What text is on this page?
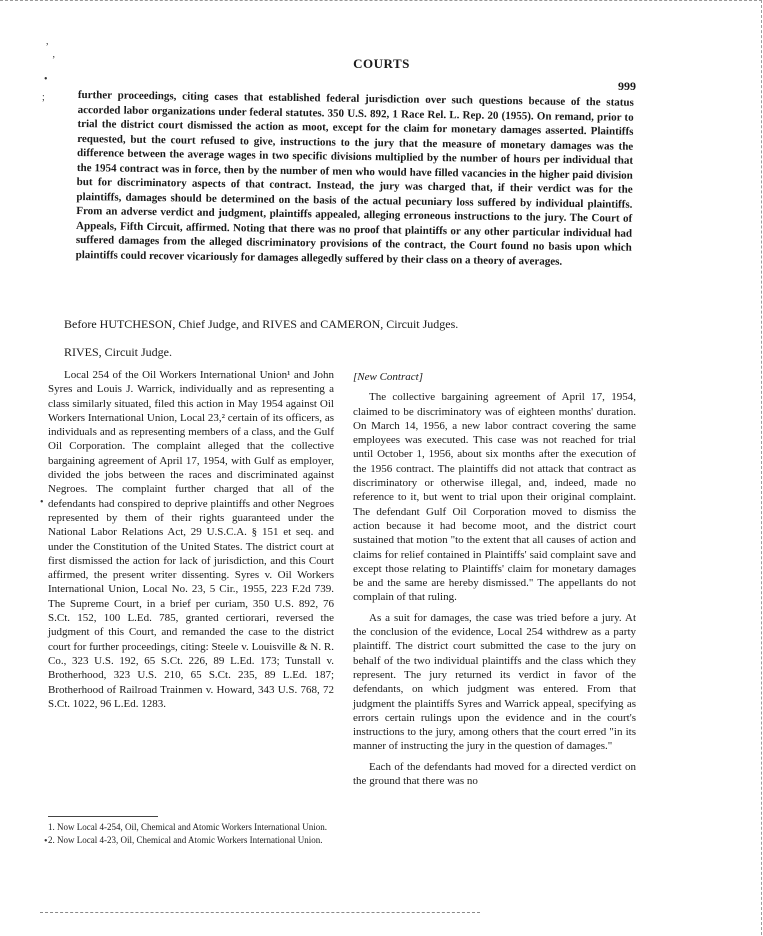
,
ʼ
•
;
•
•
COURTS
999
further proceedings, citing cases that established federal jurisdiction over such questions because of the status accorded labor organizations under federal statutes. 350 U.S. 892, 1 Race Rel. L. Rep. 20 (1955). On remand, prior to trial the district court dismissed the action as moot, except for the claim for monetary damages asserted. Plaintiffs requested, but the court refused to give, instructions to the jury that the measure of monetary damages was the difference between the average wages in two specific divisions multiplied by the number of hours per individual that the 1954 contract was in force, then by the number of men who would have filled vacancies in the higher paid division but for discriminatory aspects of that contract. Instead, the jury was charged that, if their verdict was for the plaintiffs, damages should be determined on the basis of the actual pecuniary loss suffered by individual plaintiffs. From an adverse verdict and judgment, plaintiffs appealed, alleging erroneous instructions to the jury. The Court of Appeals, Fifth Circuit, affirmed. Noting that there was no proof that plaintiffs or any other particular individual had suffered damages from the alleged discriminatory provisions of the contract, the Court found no basis upon which plaintiffs could recover vicariously for damages allegedly suffered by their class on a theory of averages.
Before HUTCHESON, Chief Judge, and RIVES and CAMERON, Circuit Judges.
RIVES, Circuit Judge.

Local 254 of the Oil Workers International Union¹ and John Syres and Louis J. Warrick, individually and as representing a class similarly situated, filed this action in May 1954 against Oil Workers International Union, Local 23,² certain of its officers, as individuals and as representing members of a class, and the Gulf Oil Corporation. The complaint alleged that the collective bargaining agreement of April 17, 1954, with Gulf as employer, divided the jobs between the races and discriminated against Negroes. The complaint further charged that all of the defendants had conspired to deprive plaintiffs and other Negroes represented by them of their rights guaranteed under the National Labor Relations Act, 29 U.S.C.A. § 151 et seq. and under the Constitution of the United States. The district court at first dismissed the action for lack of jurisdiction, and this Court affirmed, the present writer dissenting. Syres v. Oil Workers International Union, Local No. 23, 5 Cir., 1955, 223 F.2d 739. The Supreme Court, in a brief per curiam, 350 U.S. 892, 76 S.Ct. 152, 100 L.Ed. 785, granted certiorari, reversed the judgment of this Court, and remanded the case to the district court for further proceedings, citing: Steele v. Louisville & N. R. Co., 323 U.S. 192, 65 S.Ct. 226, 89 L.Ed. 173; Tunstall v. Brotherhood, 323 U.S. 210, 65 S.Ct. 235, 89 L.Ed. 187; Brotherhood of Railroad Trainmen v. Howard, 343 U.S. 768, 72 S.Ct. 1022, 96 L.Ed. 1283.

1. Now Local 4-254, Oil, Chemical and Atomic Workers International Union.

2. Now Local 4-23, Oil, Chemical and Atomic Workers International Union.

[New Contract]

The collective bargaining agreement of April 17, 1954, claimed to be discriminatory was of eighteen months' duration. On March 14, 1956, a new labor contract covering the same employees was executed. This case was not reached for trial until October 1, 1956, about six months after the execution of the 1956 contract. The plaintiffs did not attack that contract as discriminatory or otherwise illegal, and, indeed, made no reference to it, but went to trial upon their original complaint. The defendant Gulf Oil Corporation moved to dismiss the action because it had become moot, and the district court sustained that motion "to the extent that all causes of action and claims for relief contained in Plaintiffs' said complaint save and except those relating to Plaintiffs' claim for monetary damages be and the same are hereby dismissed." The appellants do not complain of that ruling.

As a suit for damages, the case was tried before a jury. At the conclusion of the evidence, Local 254 withdrew as a party plaintiff. The district court submitted the case to the jury on behalf of the two individual plaintiffs and the class which they represent. The jury returned its verdict in favor of the defendants, on which judgment was entered. From that judgment the plaintiffs Syres and Warrick appeal, specifying as errors certain rulings upon the evidence and in the court's instructions to the jury, among others that the court erred "in its manner of instructing the jury in the question of damages."

Each of the defendants had moved for a directed verdict on the ground that there was no
